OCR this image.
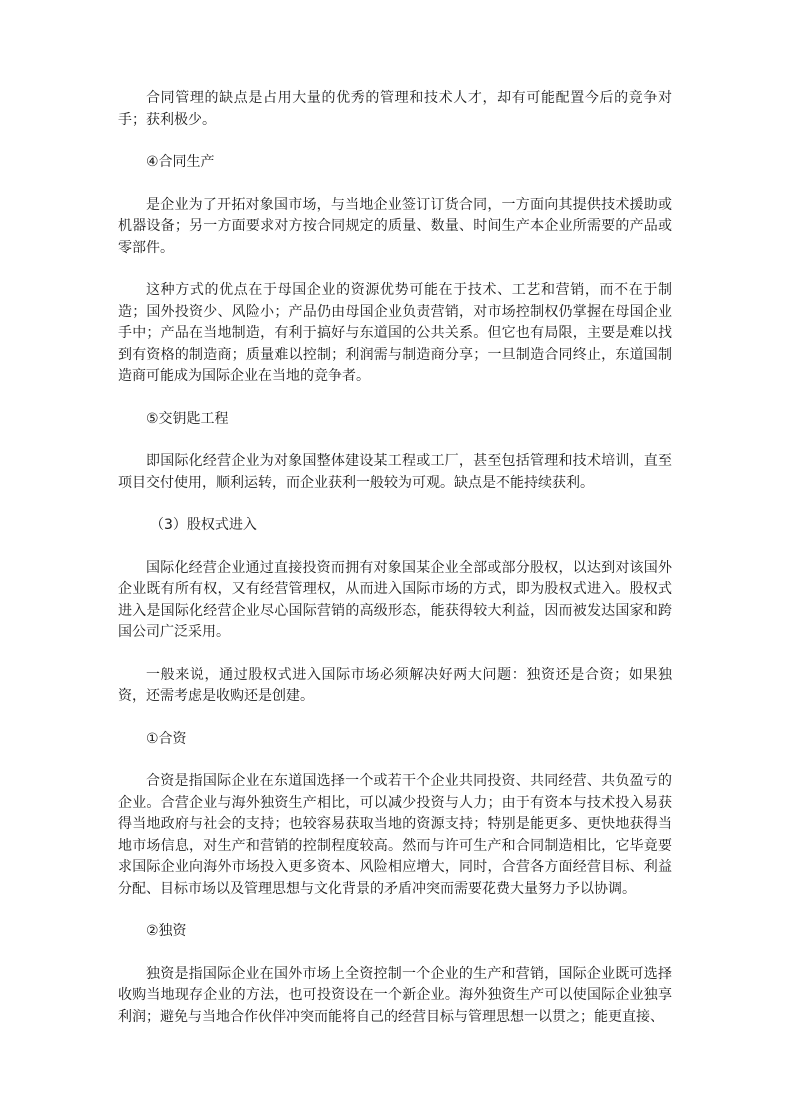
合同管理的缺点是占用大量的优秀的管理和技术人才，却有可能配置今后的竞争对手；获利极少。

④合同生产

是企业为了开拓对象国市场，与当地企业签订订货合同，一方面向其提供技术援助或机器设备；另一方面要求对方按合同规定的质量、数量、时间生产本企业所需要的产品或零部件。

这种方式的优点在于母国企业的资源优势可能在于技术、工艺和营销，而不在于制造；国外投资少、风险小；产品仍由母国企业负责营销，对市场控制权仍掌握在母国企业手中；产品在当地制造，有利于搞好与东道国的公共关系。但它也有局限，主要是难以找到有资格的制造商；质量难以控制；利润需与制造商分享；一旦制造合同终止，东道国制造商可能成为国际企业在当地的竞争者。

⑤交钥匙工程

即国际化经营企业为对象国整体建设某工程或工厂，甚至包括管理和技术培训，直至项目交付使用，顺利运转，而企业获利一般较为可观。缺点是不能持续获利。

（3）股权式进入

国际化经营企业通过直接投资而拥有对象国某企业全部或部分股权，以达到对该国外企业既有所有权，又有经营管理权，从而进入国际市场的方式，即为股权式进入。股权式进入是国际化经营企业尽心国际营销的高级形态，能获得较大利益，因而被发达国家和跨国公司广泛采用。

一般来说，通过股权式进入国际市场必须解决好两大问题：独资还是合资；如果独资，还需考虑是收购还是创建。

①合资

合资是指国际企业在东道国选择一个或若干个企业共同投资、共同经营、共负盈亏的企业。合营企业与海外独资生产相比，可以减少投资与人力；由于有资本与技术投入易获得当地政府与社会的支持；也较容易获取当地的资源支持；特别是能更多、更快地获得当地市场信息，对生产和营销的控制程度较高。然而与许可生产和合同制造相比，它毕竟要求国际企业向海外市场投入更多资本、风险相应增大，同时，合营各方面经营目标、利益分配、目标市场以及管理思想与文化背景的矛盾冲突而需要花费大量努力予以协调。

②独资

独资是指国际企业在国外市场上全资控制一个企业的生产和营销，国际企业既可选择收购当地现存企业的方法，也可投资设在一个新企业。海外独资生产可以使国际企业独享利润；避免与当地合作伙伴冲突而能将自己的经营目标与管理思想一以贯之；能更直接、
